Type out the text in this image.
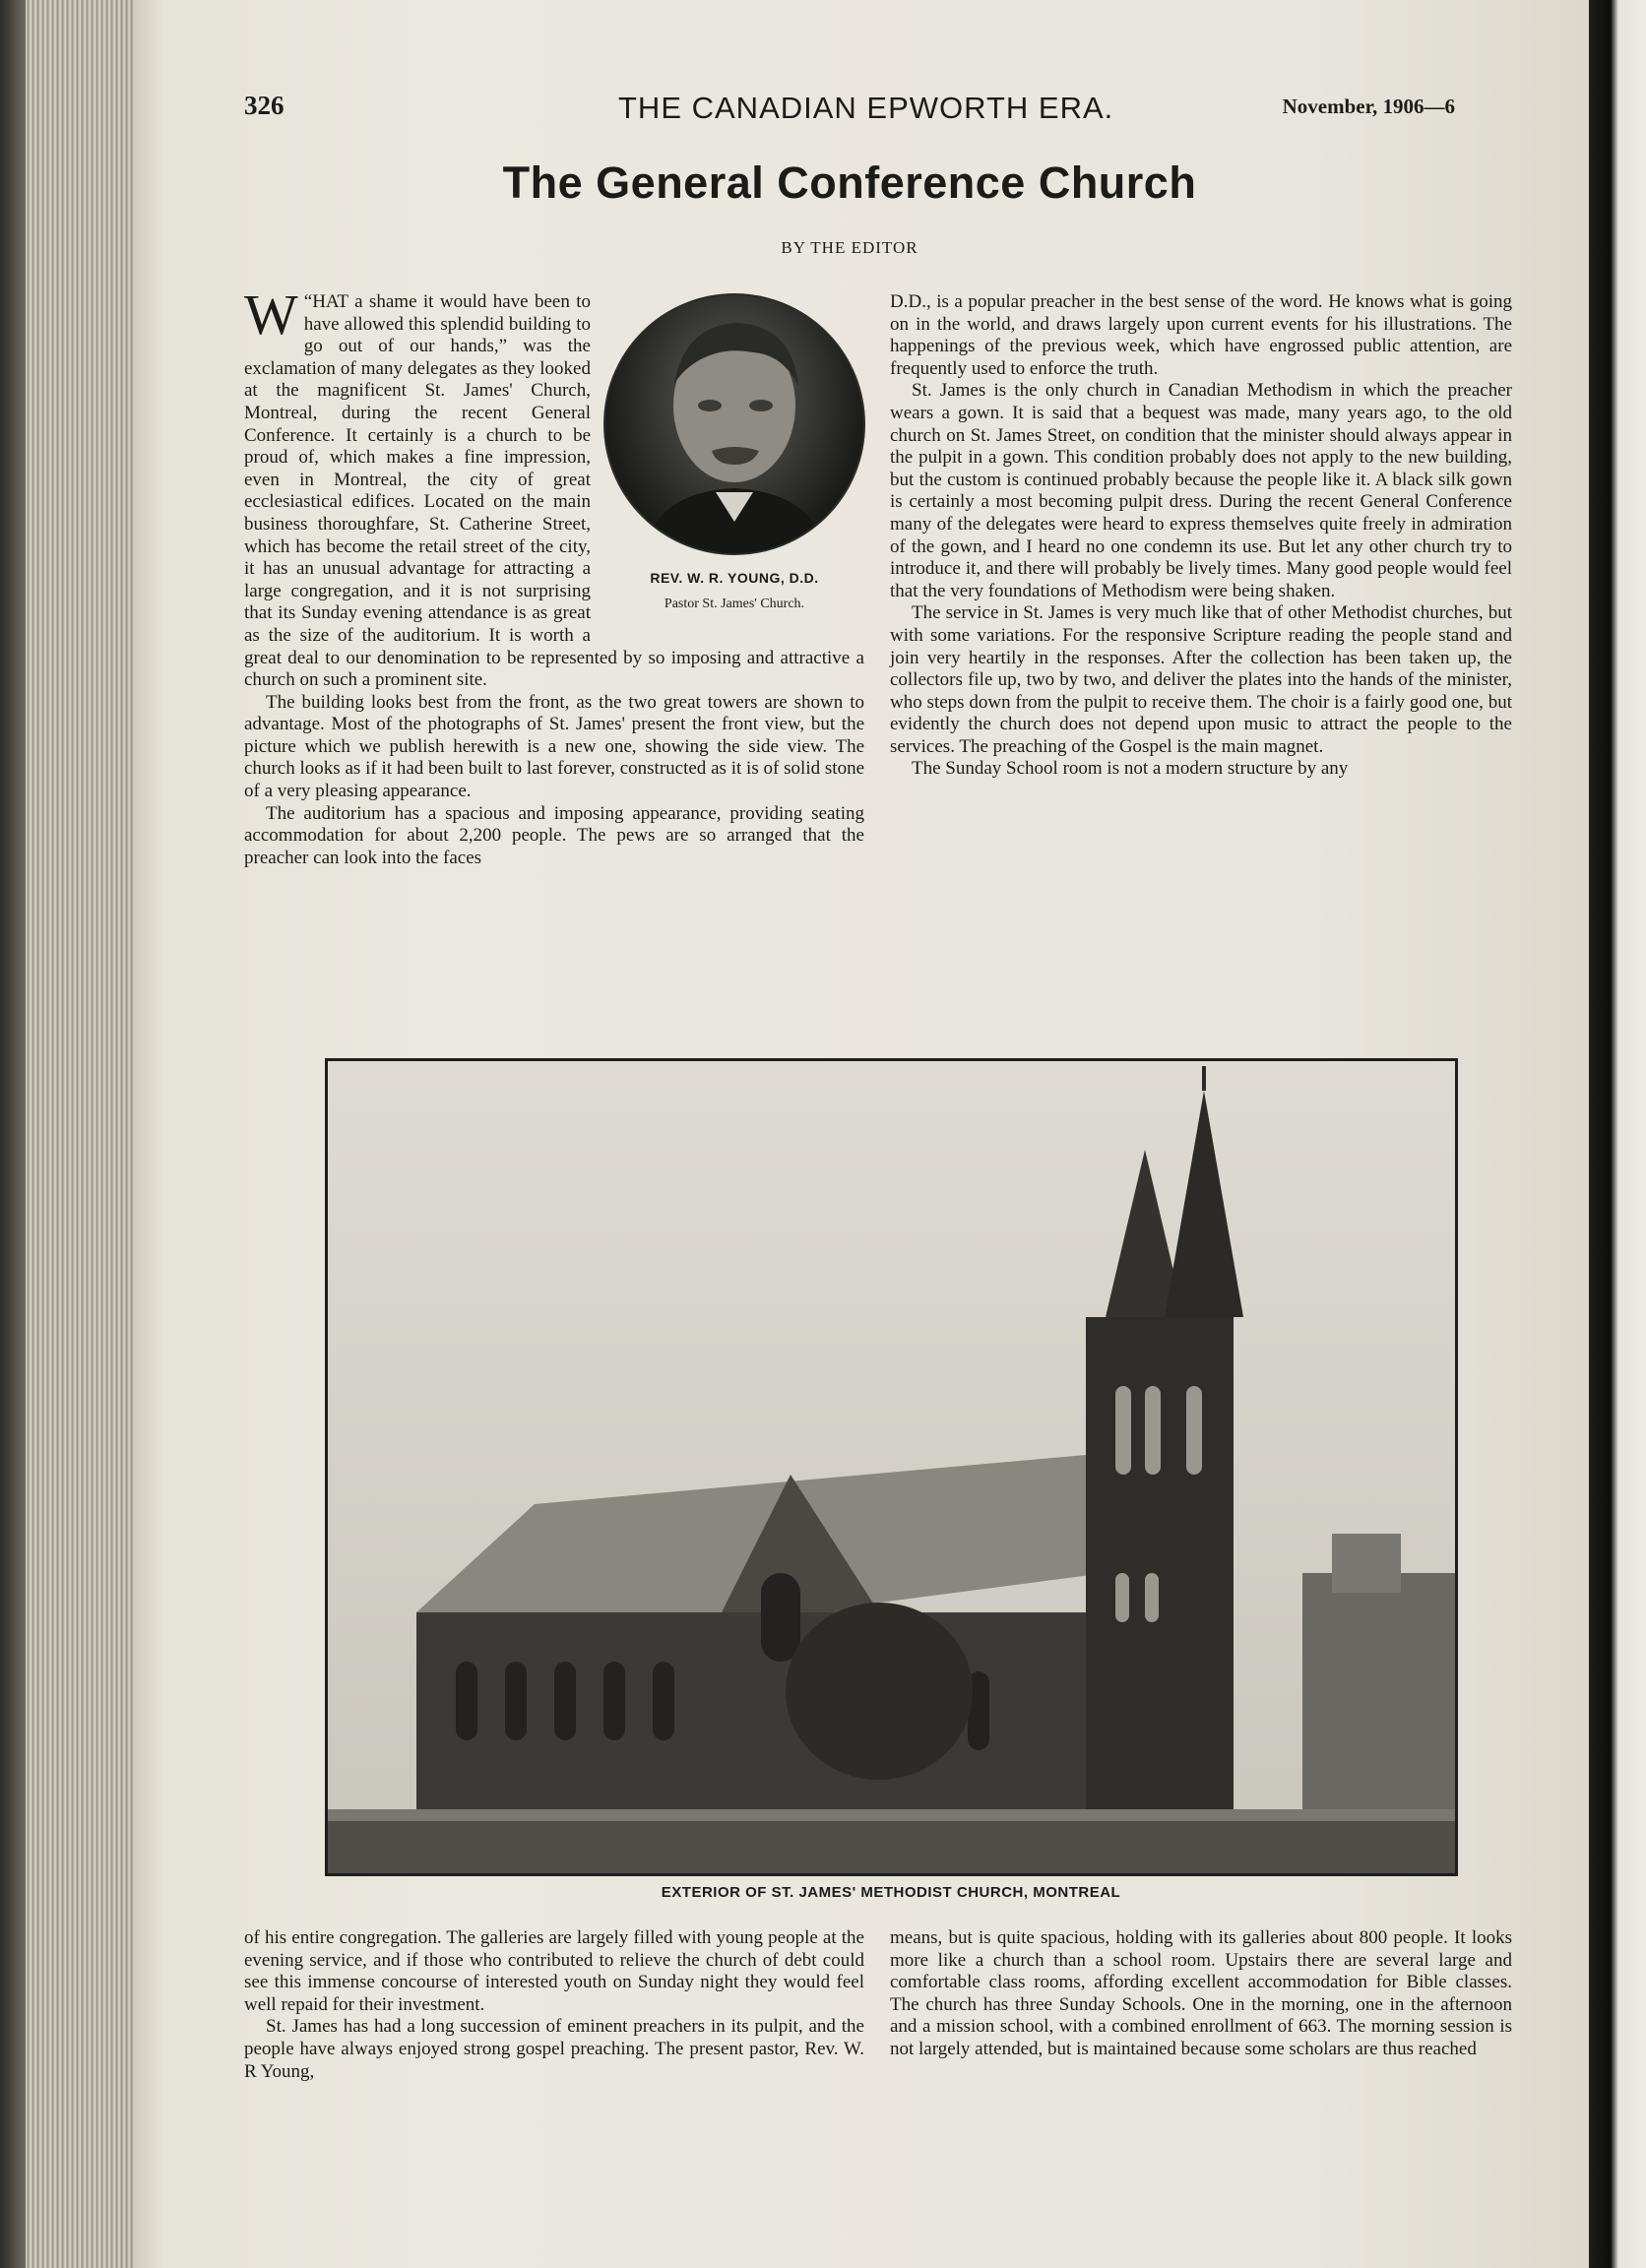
326	THE CANADIAN EPWORTH ERA.	November, 1906—6
The General Conference Church
BY THE EDITOR
REV. W. R. YOUNG, D.D.
Pastor St. James' Church.

“
W HAT a shame it would have been to have allowed this splendid building to go out of our hands,” was the exclamation of many delegates as they looked at the magnificent St. James' Church, Montreal, during the recent General Conference. It certainly is a church to be proud of, which makes a fine impression, even in Montreal, the city of great ecclesiastical edifices. Located on the main business thoroughfare, St. Catherine Street, which has become the retail street of the city, it has an unusual advantage for attracting a large congregation, and it is not surprising that its Sunday evening attendance is as great as the size of the auditorium. It is worth a great deal to our denomination to be represented by so imposing and attractive a church on such a prominent site.

The building looks best from the front, as the two great towers are shown to advantage. Most of the photographs of St. James' present the front view, but the picture which we publish herewith is a new one, showing the side view. The church looks as if it had been built to last forever, constructed as it is of solid stone of a very pleasing appearance.

The auditorium has a spacious and imposing appearance, providing seating accommodation for about 2,200 people. The pews are so arranged that the preacher can look into the faces

D.D., is a popular preacher in the best sense of the word. He knows what is going on in the world, and draws largely upon current events for his illustrations. The happenings of the previous week, which have engrossed public attention, are frequently used to enforce the truth.

St. James is the only church in Canadian Methodism in which the preacher wears a gown. It is said that a bequest was made, many years ago, to the old church on St. James Street, on condition that the minister should always appear in the pulpit in a gown. This condition probably does not apply to the new building, but the custom is continued probably because the people like it. A black silk gown is certainly a most becoming pulpit dress. During the recent General Conference many of the delegates were heard to express themselves quite freely in admiration of the gown, and I heard no one condemn its use. But let any other church try to introduce it, and there will probably be lively times. Many good people would feel that the very foundations of Methodism were being shaken.

The service in St. James is very much like that of other Methodist churches, but with some variations. For the responsive Scripture reading the people stand and join very heartily in the responses. After the collection has been taken up, the collectors file up, two by two, and deliver the plates into the hands of the minister, who steps down from the pulpit to receive them. The choir is a fairly good one, but evidently the church does not depend upon music to attract the people to the services. The preaching of the Gospel is the main magnet.

The Sunday School room is not a modern structure by any

EXTERIOR OF ST. JAMES' METHODIST CHURCH, MONTREAL

of his entire congregation. The galleries are largely filled with young people at the evening service, and if those who contributed to relieve the church of debt could see this immense concourse of interested youth on Sunday night they would feel well repaid for their investment.

St. James has had a long succession of eminent preachers in its pulpit, and the people have always enjoyed strong gospel preaching. The present pastor, Rev. W. R Young,

means, but is quite spacious, holding with its galleries about 800 people. It looks more like a church than a school room. Upstairs there are several large and comfortable class rooms, affording excellent accommodation for Bible classes. The church has three Sunday Schools. One in the morning, one in the afternoon and a mission school, with a combined enrollment of 663. The morning session is not largely attended, but is maintained because some scholars are thus reached
